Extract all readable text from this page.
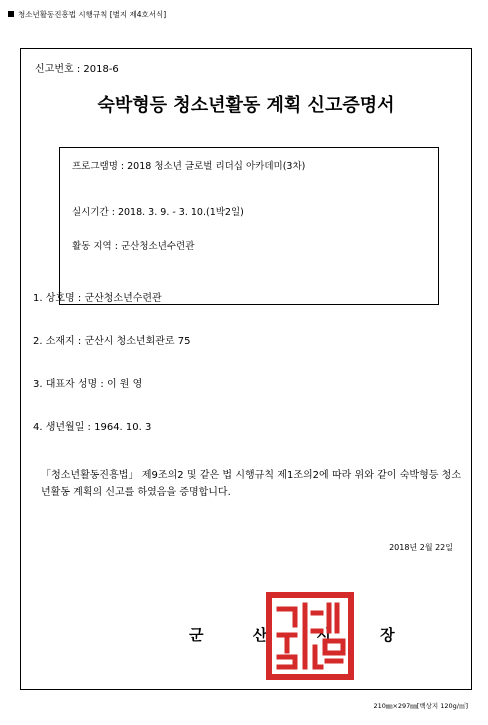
청소년활동진흥법 시행규칙 [별지 제4호서식]
신고번호 : 2018-6
숙박형등 청소년활동 계획 신고증명서
프로그램명 : 2018 청소년 글로벌 리더십 아카데미(3차)
실시기간 : 2018. 3. 9. - 3. 10.(1박2일)
활동 지역 : 군산청소년수련관
1. 상호명 : 군산청소년수련관
2. 소재지 : 군산시 청소년회관로 75
3. 대표자 성명 : 이 원 영
4. 생년월일 : 1964. 10. 3
「청소년활동진흥법」 제9조의2 및 같은 법 시행규칙 제1조의2에 따라 위와 같이 숙박형등 청소년활동 계획의 신고를 하였음을 증명합니다.
2018년 2월 22일
군 산 시 장
210㎜×297㎜[백상지 120g/㎡]
